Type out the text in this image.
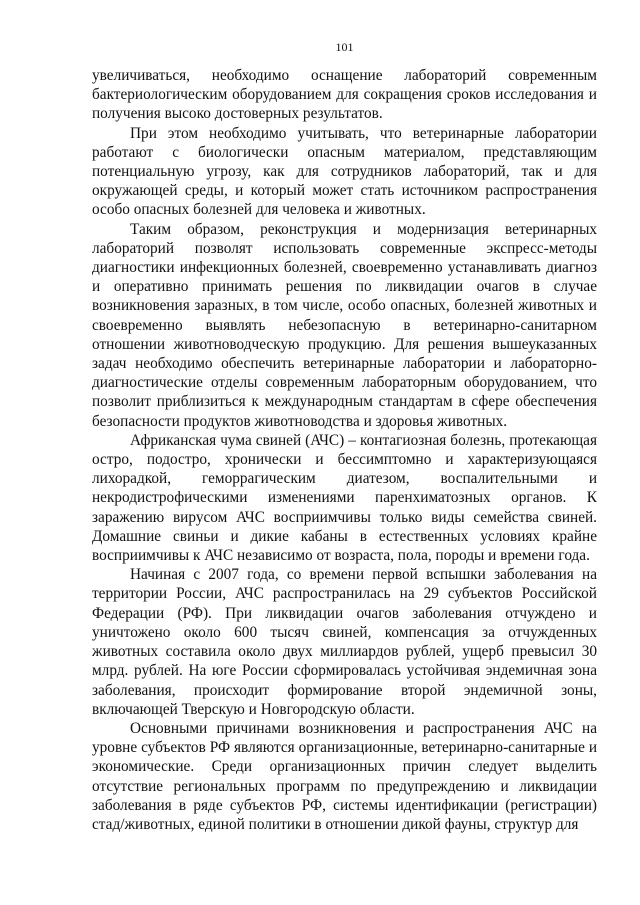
101

увеличиваться, необходимо оснащение лабораторий современным бактериологическим оборудованием для сокращения сроков исследования и получения высоко достоверных результатов.

При этом необходимо учитывать, что ветеринарные лаборатории работают с биологически опасным материалом, представляющим потенциальную угрозу, как для сотрудников лабораторий, так и для окружающей среды, и который может стать источником распространения особо опасных болезней для человека и животных.

Таким образом, реконструкция и модернизация ветеринарных лабораторий позволят использовать современные экспресс-методы диагностики инфекционных болезней, своевременно устанавливать диагноз и оперативно принимать решения по ликвидации очагов в случае возникновения заразных, в том числе, особо опасных, болезней животных и своевременно выявлять небезопасную в ветеринарно-санитарном отношении животноводческую продукцию. Для решения вышеуказанных задач необходимо обеспечить ветеринарные лаборатории и лабораторно-диагностические отделы современным лабораторным оборудованием, что позволит приблизиться к международным стандартам в сфере обеспечения безопасности продуктов животноводства и здоровья животных.

Африканская чума свиней (АЧС) – контагиозная болезнь, протекающая остро, подостро, хронически и бессимптомно и характеризующаяся лихорадкой, геморрагическим диатезом, воспалительными и некродистрофическими изменениями паренхиматозных органов. К заражению вирусом АЧС восприимчивы только виды семейства свиней. Домашние свиньи и дикие кабаны в естественных условиях крайне восприимчивы к АЧС независимо от возраста, пола, породы и времени года.

Начиная с 2007 года, со времени первой вспышки заболевания на территории России, АЧС распространилась на 29 субъектов Российской Федерации (РФ). При ликвидации очагов заболевания отчуждено и уничтожено около 600 тысяч свиней, компенсация за отчужденных животных составила около двух миллиардов рублей, ущерб превысил 30 млрд. рублей. На юге России сформировалась устойчивая эндемичная зона заболевания, происходит формирование второй эндемичной зоны, включающей Тверскую и Новгородскую области.

Основными причинами возникновения и распространения АЧС на уровне субъектов РФ являются организационные, ветеринарно-санитарные и экономические. Среди организационных причин следует выделить отсутствие региональных программ по предупреждению и ликвидации заболевания в ряде субъектов РФ, системы идентификации (регистрации) стад/животных, единой политики в отношении дикой фауны, структур для
